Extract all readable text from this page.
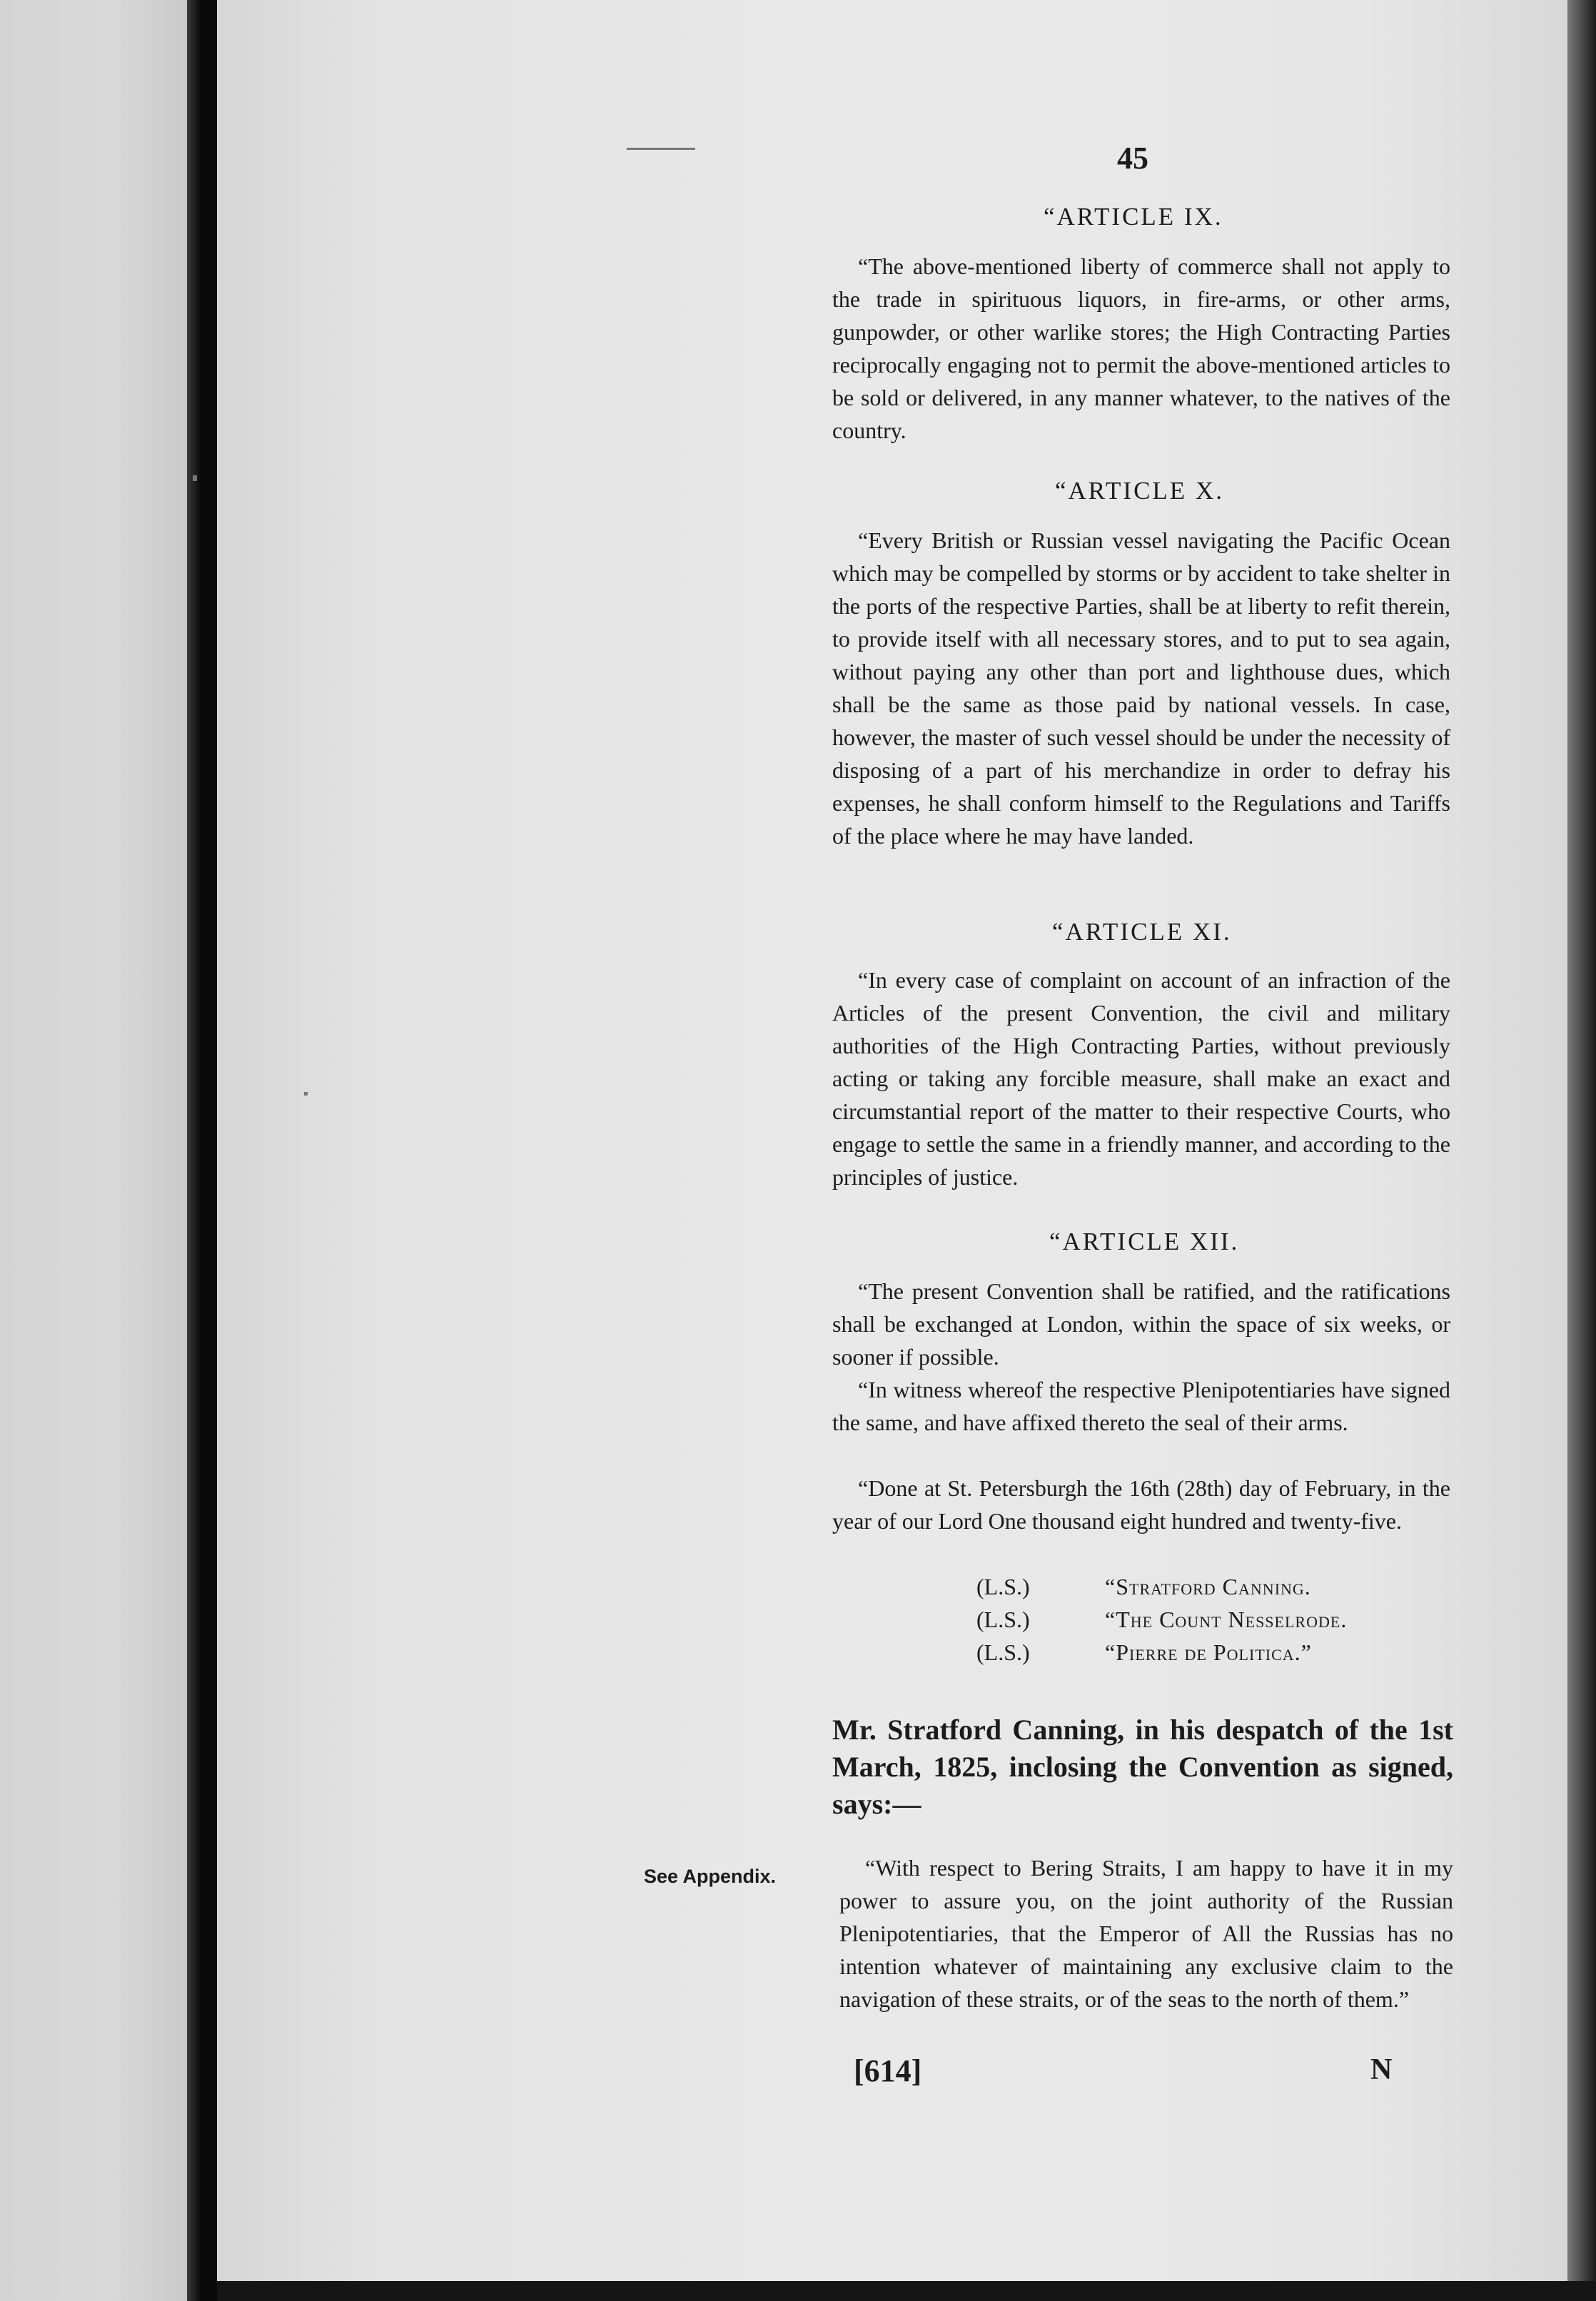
45
“ARTICLE IX.

“The above-mentioned liberty of commerce shall not apply to the trade in spirituous liquors, in fire-arms, or other arms, gunpowder, or other warlike stores; the High Contracting Parties reciprocally engaging not to permit the above-mentioned articles to be sold or delivered, in any manner whatever, to the natives of the country.

“ARTICLE X.

“Every British or Russian vessel navigating the Pacific Ocean which may be compelled by storms or by accident to take shelter in the ports of the respective Parties, shall be at liberty to refit therein, to provide itself with all necessary stores, and to put to sea again, without paying any other than port and lighthouse dues, which shall be the same as those paid by national vessels. In case, however, the master of such vessel should be under the necessity of disposing of a part of his merchandize in order to defray his expenses, he shall conform himself to the Regulations and Tariffs of the place where he may have landed.

“ARTICLE XI.

“In every case of complaint on account of an infraction of the Articles of the present Convention, the civil and military authorities of the High Contracting Parties, without previously acting or taking any forcible measure, shall make an exact and circumstantial report of the matter to their respective Courts, who engage to settle the same in a friendly manner, and according to the principles of justice.

“ARTICLE XII.

“The present Convention shall be ratified, and the ratifications shall be exchanged at London, within the space of six weeks, or sooner if possible.

“In witness whereof the respective Plenipotentiaries have signed the same, and have affixed thereto the seal of their arms.

“Done at St. Petersburgh the 16th (28th) day of February, in the year of our Lord One thousand eight hundred and twenty-five.

(L.S.)	“Stratford Canning.
(L.S.)	“The Count Nesselrode.
(L.S.)	“Pierre de Politica.”

Mr. Stratford Canning, in his despatch of the 1st March, 1825, inclosing the Convention as signed, says:—

See Appendix.	“With respect to Bering Straits, I am happy to have it in my power to assure you, on the joint authority of the Russian Plenipotentiaries, that the Emperor of All the Russias has no intention whatever of maintaining any exclusive claim to the navigation of these straits, or of the seas to the north of them.”

[614]	N
